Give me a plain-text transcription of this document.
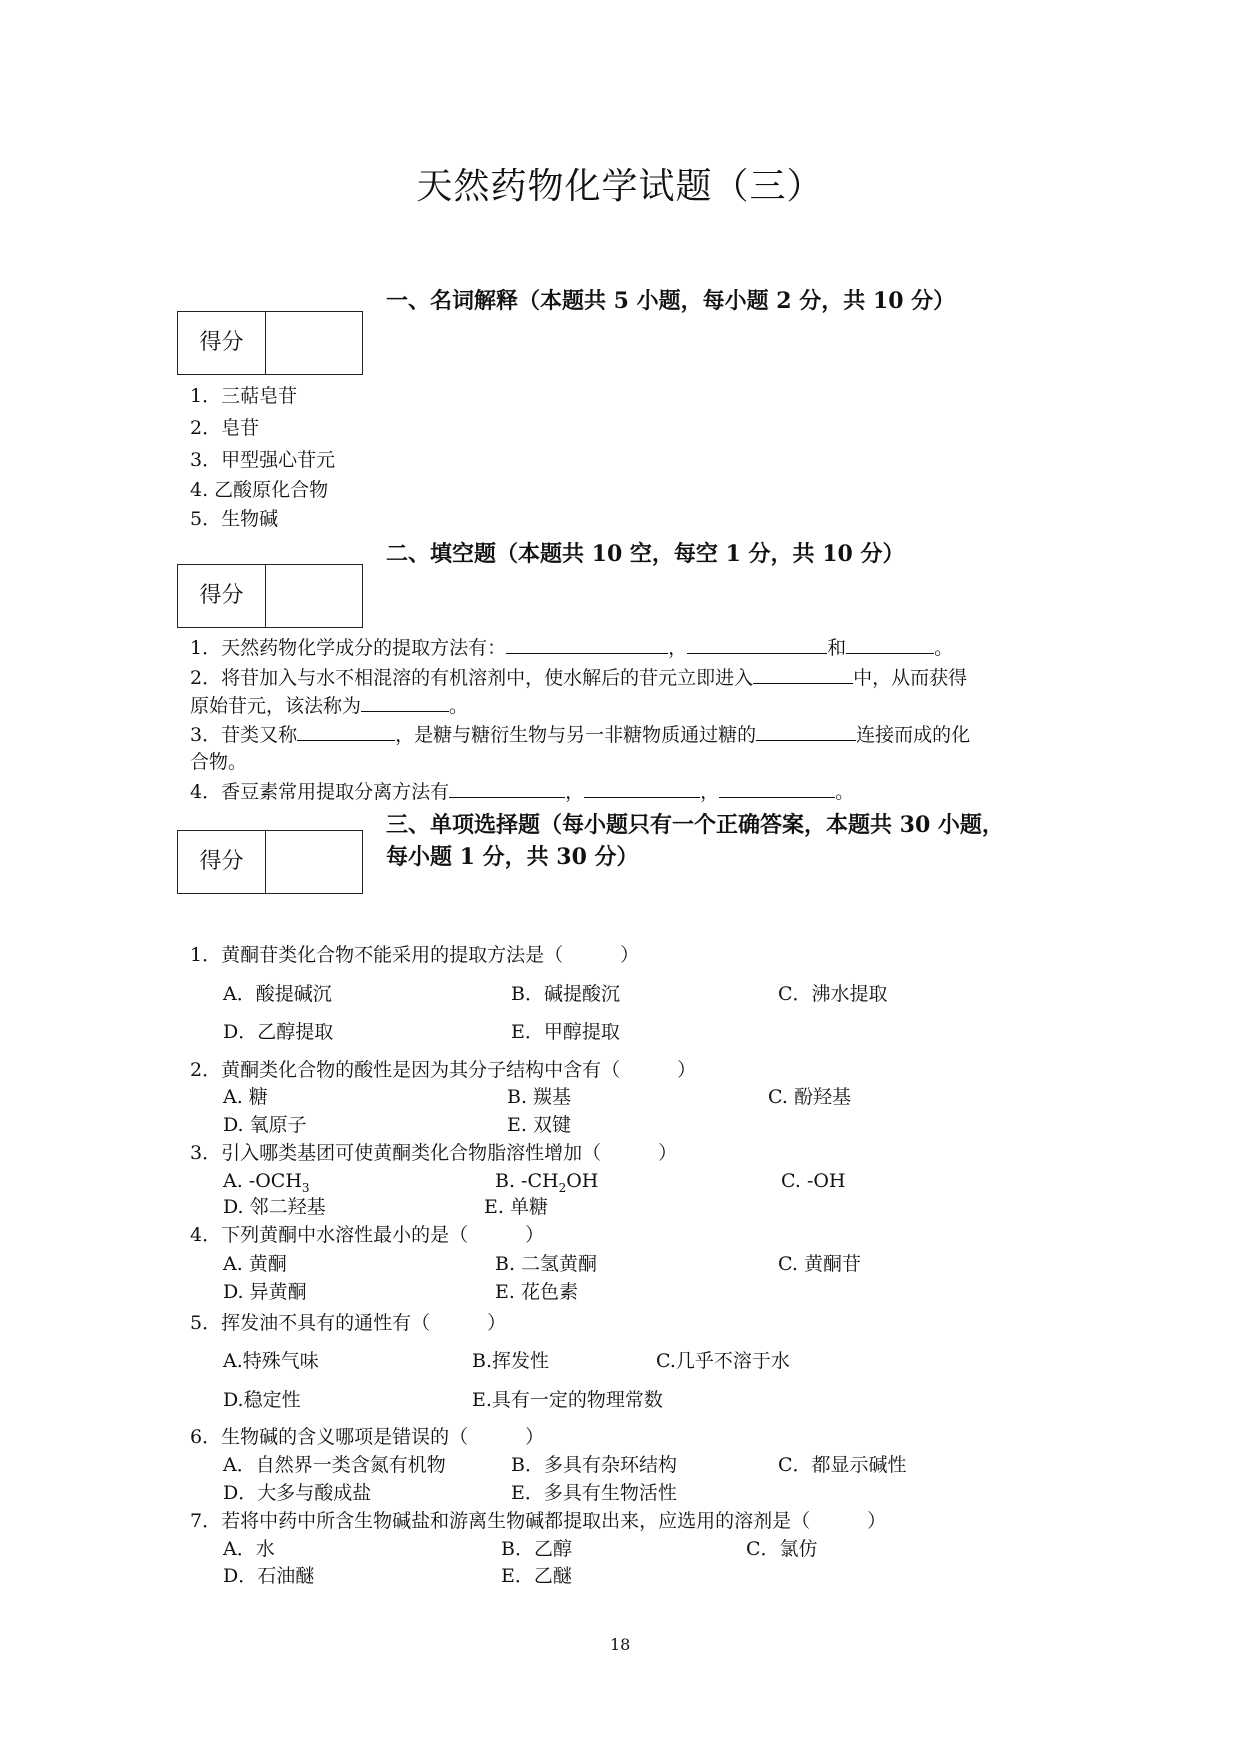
天然药物化学试题（三）
一、名词解释（本题共 5 小题，每小题 2 分，共 10 分）
得分
1．三萜皂苷
2．皂苷
3．甲型强心苷元
4. 乙酸原化合物
5．生物碱
二、填空题（本题共 10 空，每空 1 分，共 10 分）
得分
1．天然药物化学成分的提取方法有：	，	和	。
2．将苷加入与水不相混溶的有机溶剂中，使水解后的苷元立即进入	中，从而获得
原始苷元，该法称为	。
3．苷类又称	，是糖与糖衍生物与另一非糖物质通过糖的	连接而成的化
合物。
4．香豆素常用提取分离方法有	，	，	。
三、单项选择题（每小题只有一个正确答案，本题共 30 小题，
每小题 1 分，共 30 分）
得分
1．黄酮苷类化合物不能采用的提取方法是（　　　）
A．酸提碱沉	B．碱提酸沉	C．沸水提取
D．乙醇提取	E．甲醇提取
2．黄酮类化合物的酸性是因为其分子结构中含有（　　　）
A. 糖	B. 羰基	C. 酚羟基
D. 氧原子	E. 双键
3．引入哪类基团可使黄酮类化合物脂溶性增加（　　　）
A. $-OCH_3$	B. $-CH_2OH$	C. -OH
D. 邻二羟基	E. 单糖
4．下列黄酮中水溶性最小的是（　　　）
A. 黄酮	B. 二氢黄酮	C. 黄酮苷
D. 异黄酮	E. 花色素
5．挥发油不具有的通性有（　　　）
A.特殊气味	B.挥发性	C.几乎不溶于水
D.稳定性	E.具有一定的物理常数
6．生物碱的含义哪项是错误的（　　　）
A．自然界一类含氮有机物	B．多具有杂环结构	C．都显示碱性
D．大多与酸成盐	E．多具有生物活性
7．若将中药中所含生物碱盐和游离生物碱都提取出来，应选用的溶剂是（　　　）
A．水	B．乙醇	C．氯仿
D．石油醚	E．乙醚
18
